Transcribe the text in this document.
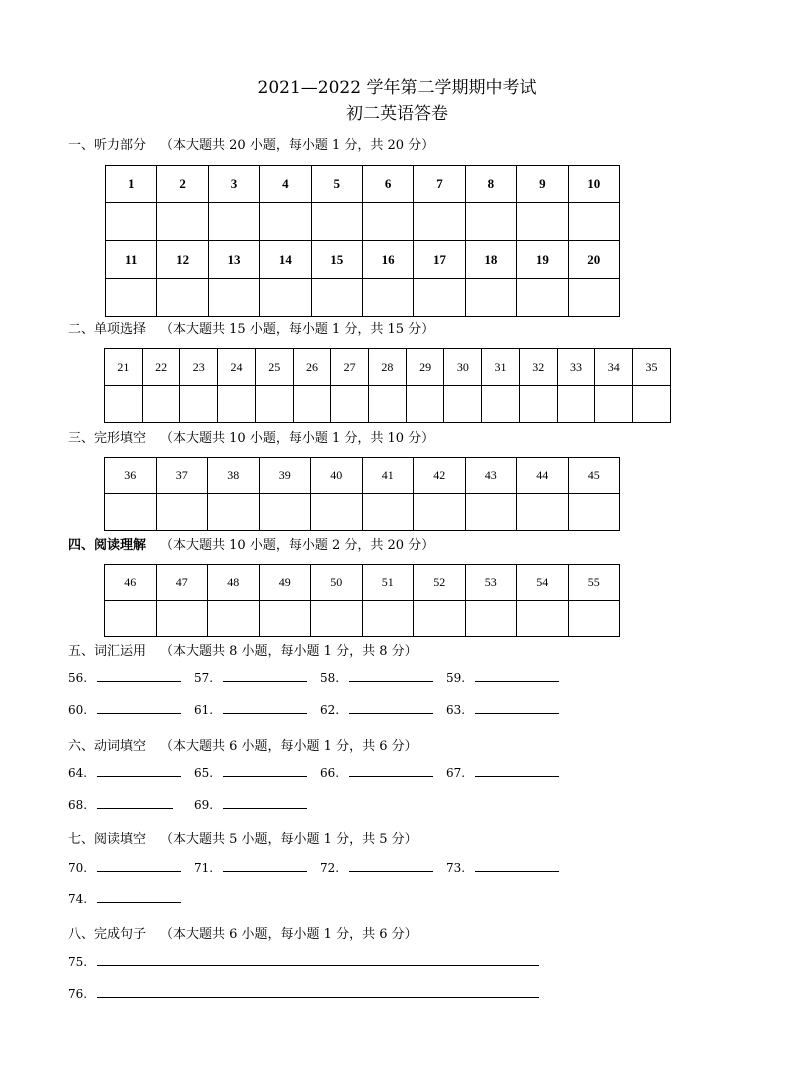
2021—2022 学年第二学期期中考试
初二英语答卷
一、听力部分 （本大题共 20 小题，每小题 1 分，共 20 分）
1	2	3	4	5	6	7	8	9	10

11	12	13	14	15	16	17	18	19	20

二、单项选择 （本大题共 15 小题，每小题 1 分，共 15 分）
21	22	23	24	25	26	27	28	29	30	31	32	33	34	35

三、完形填空 （本大题共 10 小题，每小题 1 分，共 10 分）
36	37	38	39	40	41	42	43	44	45

四、阅读理解 （本大题共 10 小题，每小题 2 分，共 20 分）
46	47	48	49	50	51	52	53	54	55

五、词汇运用 （本大题共 8 小题，每小题 1 分，共 8 分）
56.	57.	58.	59.
60.	61.	62.	63.
六、动词填空 （本大题共 6 小题，每小题 1 分，共 6 分）
64.	65.	66.	67.
68.	69.
七、阅读填空 （本大题共 5 小题，每小题 1 分，共 5 分）
70.	71.	72.	73.
74.
八、完成句子 （本大题共 6 小题，每小题 1 分，共 6 分）
75.
76.
